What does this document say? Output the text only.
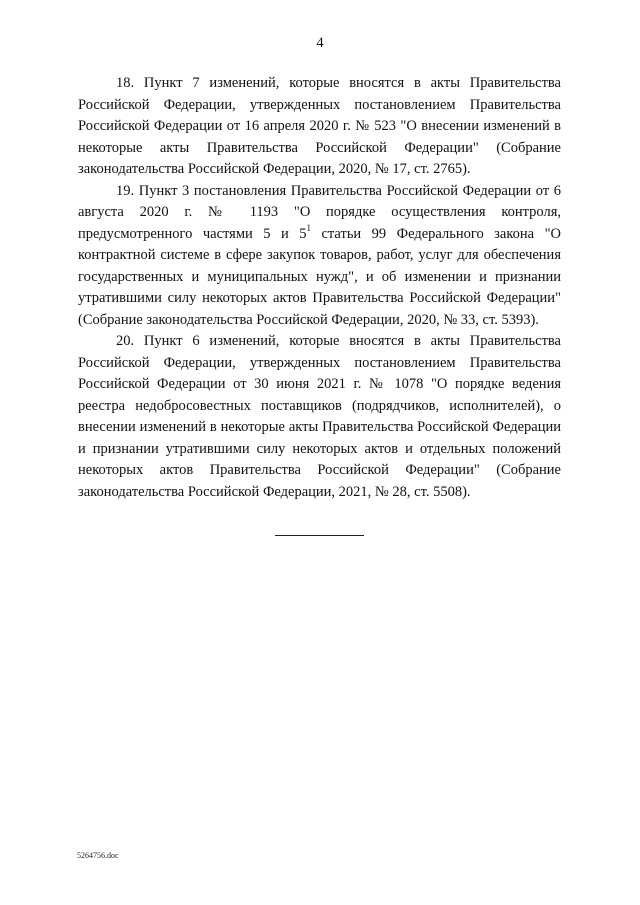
4

18. Пункт 7 изменений, которые вносятся в акты Правительства Российской Федерации, утвержденных постановлением Правительства Российской Федерации от 16 апреля 2020 г. № 523 "О внесении изменений в некоторые акты Правительства Российской Федерации" (Собрание законодательства Российской Федерации, 2020, № 17, ст. 2765).

19. Пункт 3 постановления Правительства Российской Федерации от 6 августа 2020 г. № 1193 "О порядке осуществления контроля, предусмотренного частями 5 и $5^1$ статьи 99 Федерального закона "О контрактной системе в сфере закупок товаров, работ, услуг для обеспечения государственных и муниципальных нужд", и об изменении и признании утратившими силу некоторых актов Правительства Российской Федерации" (Собрание законодательства Российской Федерации, 2020, № 33, ст. 5393).

20. Пункт 6 изменений, которые вносятся в акты Правительства Российской Федерации, утвержденных постановлением Правительства Российской Федерации от 30 июня 2021 г. № 1078 "О порядке ведения реестра недобросовестных поставщиков (подрядчиков, исполнителей), о внесении изменений в некоторые акты Правительства Российской Федерации и признании утратившими силу некоторых актов и отдельных положений некоторых актов Правительства Российской Федерации" (Собрание законодательства Российской Федерации, 2021, № 28, ст. 5508).

5264756.doc
